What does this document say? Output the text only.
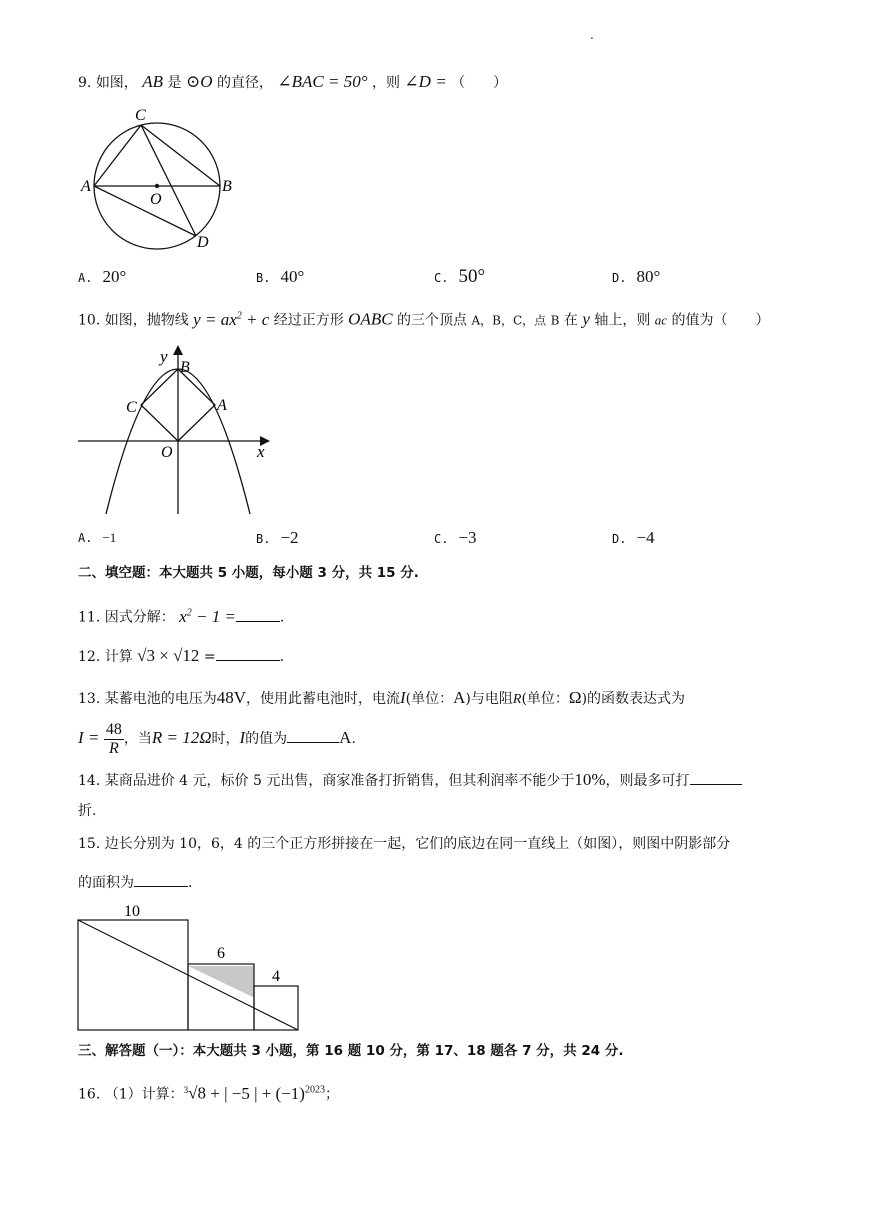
.
9. 如图， AB 是 ⊙O 的直径， ∠BAC = 50° ，则 ∠D = （　　）
C
A	B
O
D
A. 20°	B. 40°	C. 50°	D. 80°
10. 如图，抛物线 $y = ax^2 + c$ 经过正方形 OABC 的三个顶点 A，B，C，点 B 在 y 轴上，则 ac 的值为（　　）
y
B
C	A
O	x
A. −1	B. −2	C. −3	D. −4
二、填空题：本大题共 5 小题，每小题 3 分，共 15 分.
11. 因式分解： $x^2 - 1$ =	.
12. 计算 √3 × √12 =	.
13. 某蓄电池的电压为48V，使用此蓄电池时，电流I(单位：A)与电阻R(单位：Ω)的函数表达式为
$I = \frac{48}{R}$ ，当R = 12Ω时，I的值为	A.
14. 某商品进价 4 元，标价 5 元出售，商家准备打折销售，但其利润率不能少于10%，则最多可打
折.
15. 边长分别为 10，6，4 的三个正方形拼接在一起，它们的底边在同一直线上（如图），则图中阴影部分
的面积为	.
10
6
4
三、解答题（一）：本大题共 3 小题，第 16 题 10 分，第 17、18 题各 7 分，共 24 分.
16. （1）计算：$^3$√8 + | −5 | + $(-1)^{2023}$；
